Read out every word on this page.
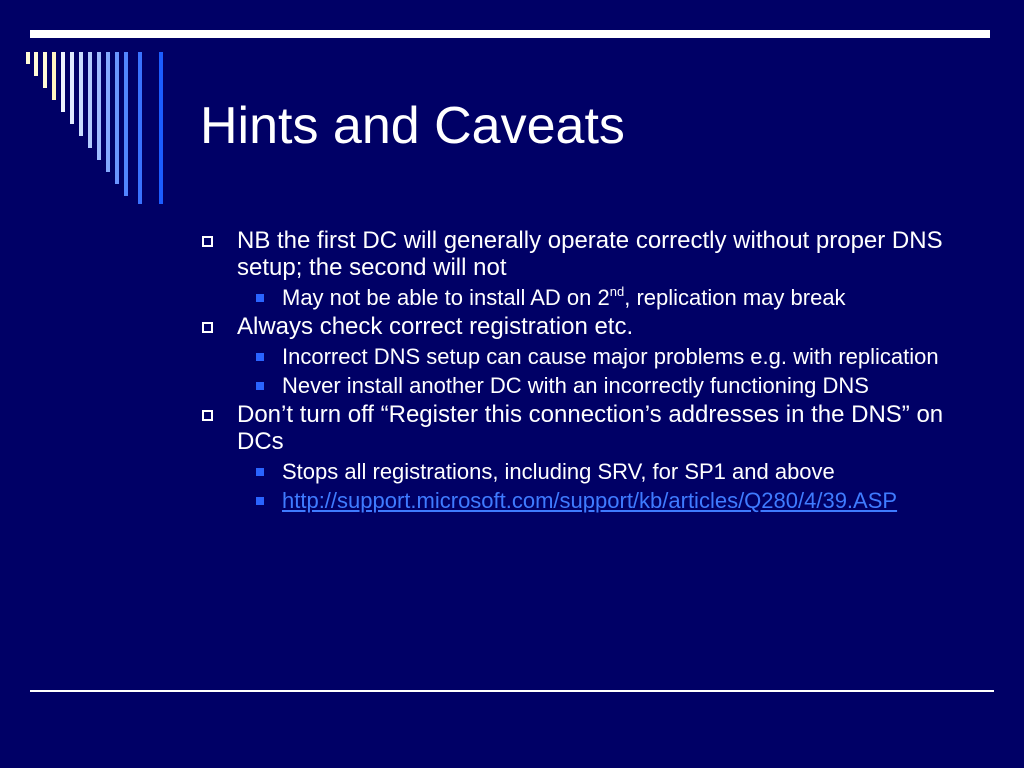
Hints and Caveats
NB the first DC will generally operate correctly without proper DNS setup; the second will not
May not be able to install AD on 2nd, replication may break
Always check correct registration etc.
Incorrect DNS setup can cause major problems e.g. with replication
Never install another DC with an incorrectly functioning DNS
Don’t turn off “Register this connection’s addresses in the DNS” on DCs
Stops all registrations, including SRV, for SP1 and above
http://support.microsoft.com/support/kb/articles/Q280/4/39.ASP
